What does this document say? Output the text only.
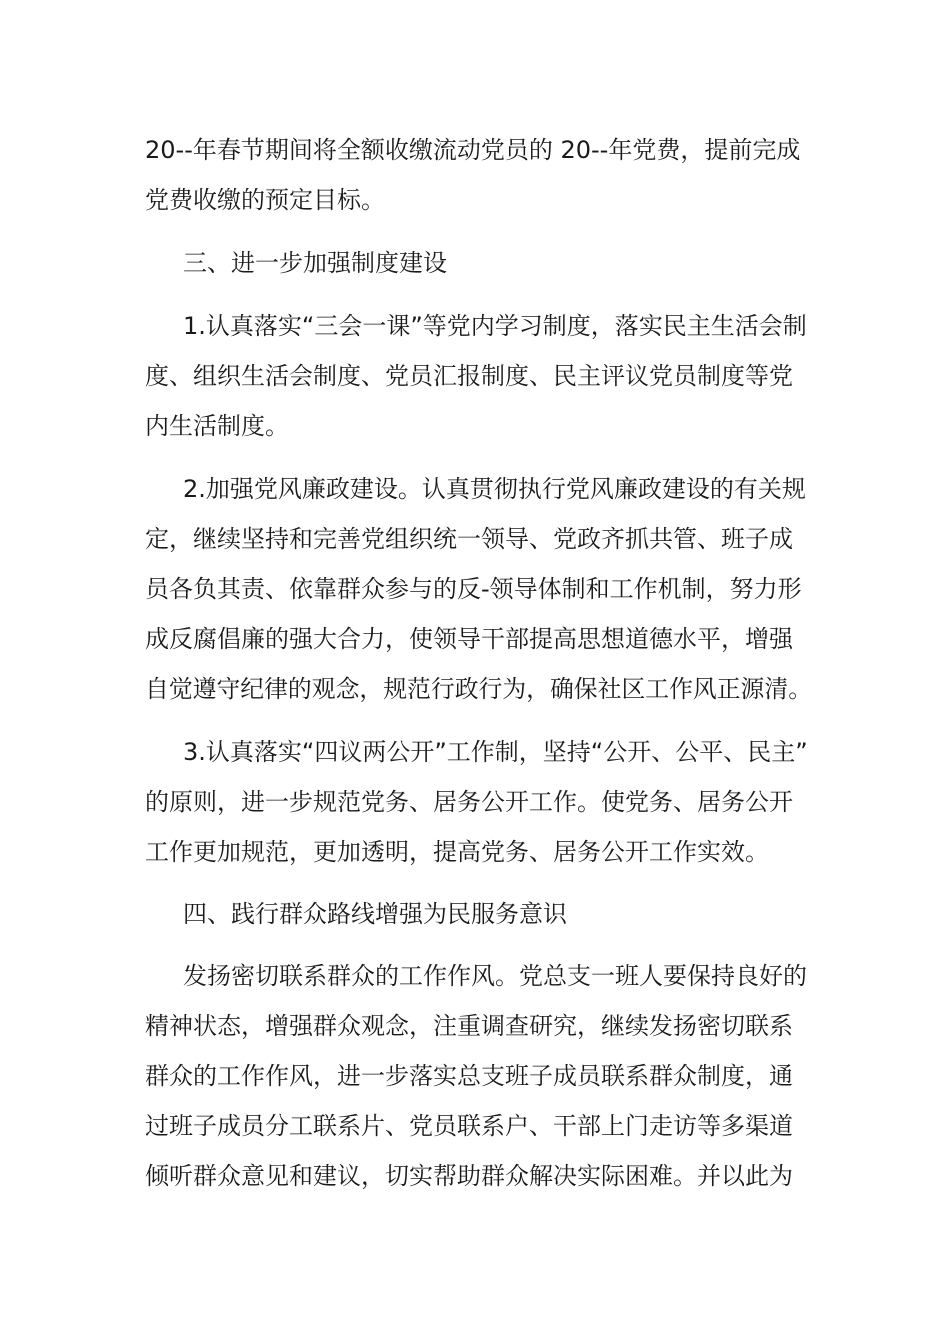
20--年春节期间将全额收缴流动党员的 20--年党费，提前完成
党费收缴的预定目标。
三、进一步加强制度建设
1.认真落实“三会一课”等党内学习制度，落实民主生活会制
度、组织生活会制度、党员汇报制度、民主评议党员制度等党
内生活制度。
2.加强党风廉政建设。认真贯彻执行党风廉政建设的有关规
定，继续坚持和完善党组织统一领导、党政齐抓共管、班子成
员各负其责、依靠群众参与的反-领导体制和工作机制，努力形
成反腐倡廉的强大合力，使领导干部提高思想道德水平，增强
自觉遵守纪律的观念，规范行政行为，确保社区工作风正源清。
3.认真落实“四议两公开”工作制，坚持“公开、公平、民主”
的原则，进一步规范党务、居务公开工作。使党务、居务公开
工作更加规范，更加透明，提高党务、居务公开工作实效。
四、践行群众路线增强为民服务意识
发扬密切联系群众的工作作风。党总支一班人要保持良好的
精神状态，增强群众观念，注重调查研究，继续发扬密切联系
群众的工作作风，进一步落实总支班子成员联系群众制度，通
过班子成员分工联系片、党员联系户、干部上门走访等多渠道
倾听群众意见和建议，切实帮助群众解决实际困难。并以此为
